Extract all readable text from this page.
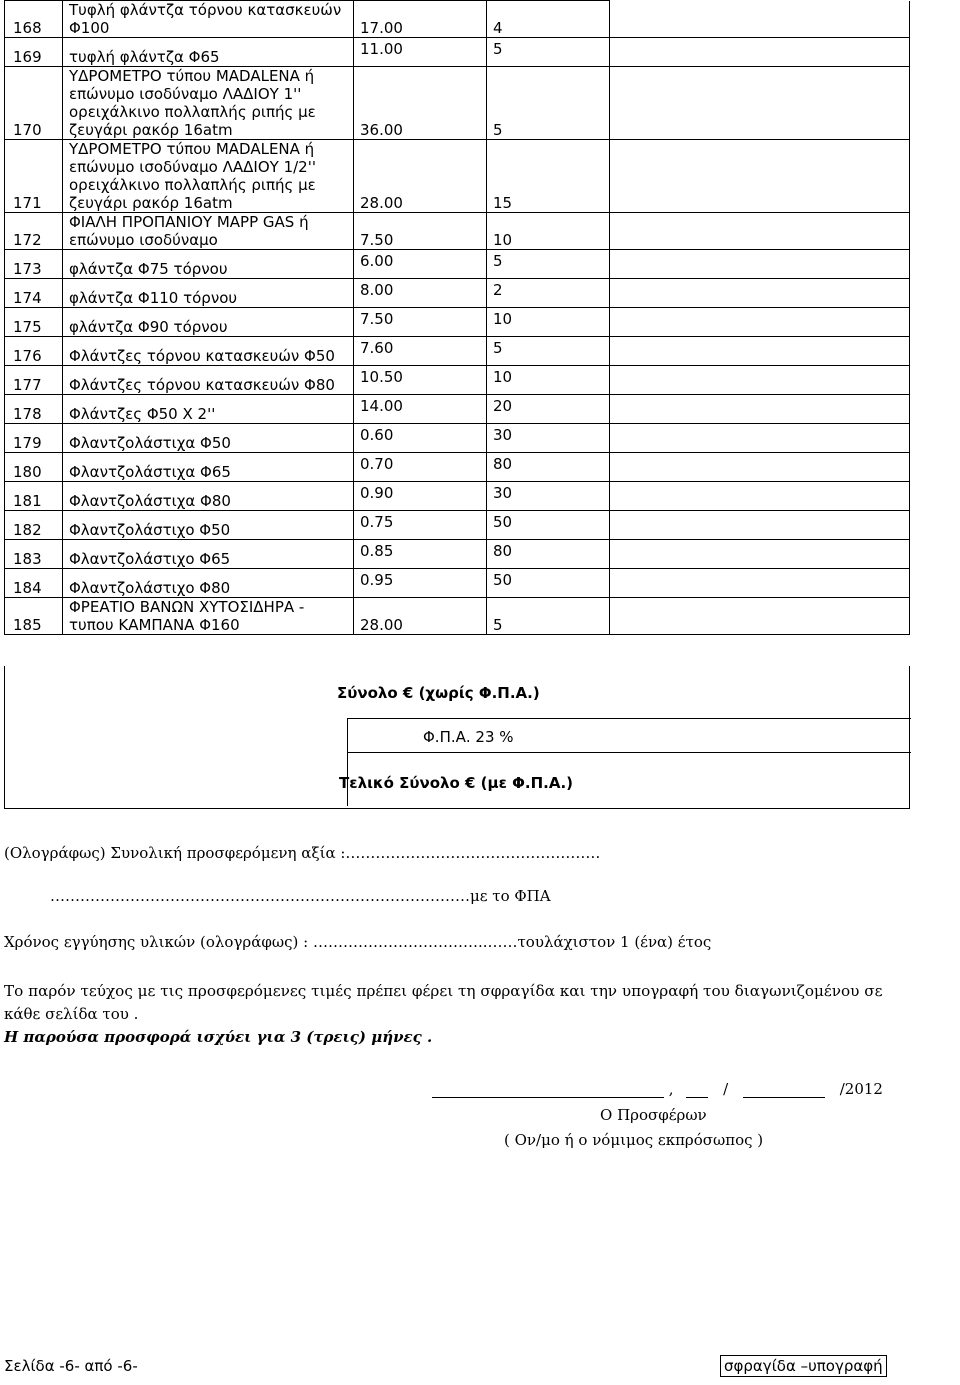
168	Τυφλή φλάντζα τόρνου κατασκευών Φ100	17.00	4	
169	τυφλή φλάντζα Φ65	11.00	5	
170	ΥΔΡΟΜΕΤΡΟ τύπου MADALENA ή επώνυμο ισοδύναμο ΛΑΔΙΟΥ 1'' ορειχάλκινο πολλαπλής ριπής με ζευγάρι ρακόρ 16atm	36.00	5	
171	ΥΔΡΟΜΕΤΡΟ τύπου MADALENA ή επώνυμο ισοδύναμο ΛΑΔΙΟΥ 1/2'' ορειχάλκινο πολλαπλής ριπής με ζευγάρι ρακόρ 16atm	28.00	15	
172	ΦΙΑΛΗ ΠΡΟΠΑΝΙΟΥ MAPP GAS ή επώνυμο ισοδύναμο	7.50	10	
173	φλάντζα Φ75 τόρνου	6.00	5	
174	φλάντζα Φ110 τόρνου	8.00	2	
175	φλάντζα Φ90 τόρνου	7.50	10	
176	Φλάντζες τόρνου κατασκευών Φ50	7.60	5	
177	Φλάντζες τόρνου κατασκευών Φ80	10.50	10	
178	Φλάντζες Φ50 Χ 2''	14.00	20	
179	Φλαντζολάστιχα Φ50	0.60	30	
180	Φλαντζολάστιχα Φ65	0.70	80	
181	Φλαντζολάστιχα Φ80	0.90	30	
182	Φλαντζολάστιχο Φ50	0.75	50	
183	Φλαντζολάστιχο Φ65	0.85	80	
184	Φλαντζολάστιχο Φ80	0.95	50	
185	ΦΡΕΑΤΙΟ ΒΑΝΩΝ ΧΥΤΟΣΙΔΗΡΑ - τυπου ΚΑΜΠΑΝΑ Φ160	28.00	5	
Σύνολο € (χωρίς Φ.Π.Α.)
Φ.Π.Α. 23 %
Τελικό Σύνολο € (με Φ.Π.Α.)
(Ολογράφως) Συνολική προσφερόμενη αξία :……………………………………………
…………………………………………………………………………με το ΦΠΑ
Χρόνος εγγύησης υλικών (ολογράφως) : ……………………………..……τουλάχιστον 1 (ένα) έτος
Το παρόν τεύχος με τις προσφερόμενες τιμές πρέπει φέρει τη σφραγίδα και την υπογραφή του διαγωνιζομένου σε
κάθε σελίδα του .
Η παρούσα προσφορά ισχύει για 3 (τρεις) μήνες .
,	/	/2012
Ο Προσφέρων
( Ον/μο ή ο νόμιμος εκπρόσωπος )
Σελίδα -6- από -6-	σφραγίδα –υπογραφή
